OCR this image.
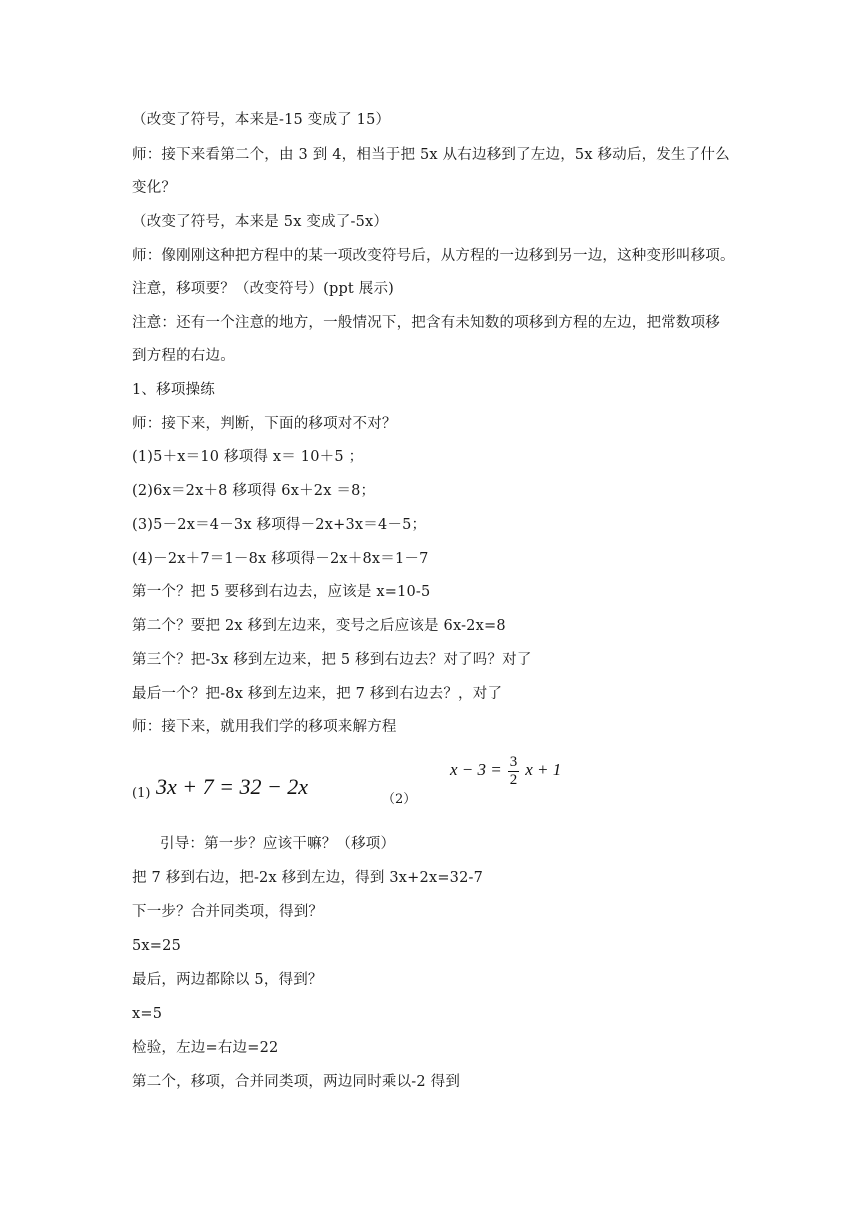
（改变了符号，本来是-15 变成了 15）
师：接下来看第二个，由 3 到 4，相当于把 5x 从右边移到了左边，5x 移动后，发生了什么
变化？
（改变了符号，本来是 5x 变成了-5x）
师：像刚刚这种把方程中的某一项改变符号后，从方程的一边移到另一边，这种变形叫移项。
注意，移项要？（改变符号）(ppt 展示)
注意：还有一个注意的地方，一般情况下，把含有未知数的项移到方程的左边，把常数项移
到方程的右边。
1、移项操练
师：接下来，判断，下面的移项对不对？
(1)5＋x＝10 移项得 x＝ 10＋5 ；
(2)6x＝2x＋8 移项得 6x＋2x ＝8；
(3)5－2x＝4－3x 移项得－2x+3x＝4－5；
(4)－2x＋7＝1－8x 移项得－2x＋8x＝1－7
第一个？把 5 要移到右边去，应该是 x=10-5
第二个？要把 2x 移到左边来，变号之后应该是 6x-2x=8
第三个？把-3x 移到左边来，把 5 移到右边去？对了吗？对了
最后一个？把-8x 移到左边来，把 7 移到右边去？，对了
师：接下来，就用我们学的移项来解方程
(1) 3x + 7 = 32 − 2x
（2）
$x - 3 = \frac{3}{2}$ x + 1
引导：第一步？应该干嘛？（移项）
把 7 移到右边，把-2x 移到左边，得到 3x+2x=32-7
下一步？合并同类项，得到？
5x=25
最后，两边都除以 5，得到？
x=5
检验，左边=右边=22
第二个，移项，合并同类项，两边同时乘以-2 得到
